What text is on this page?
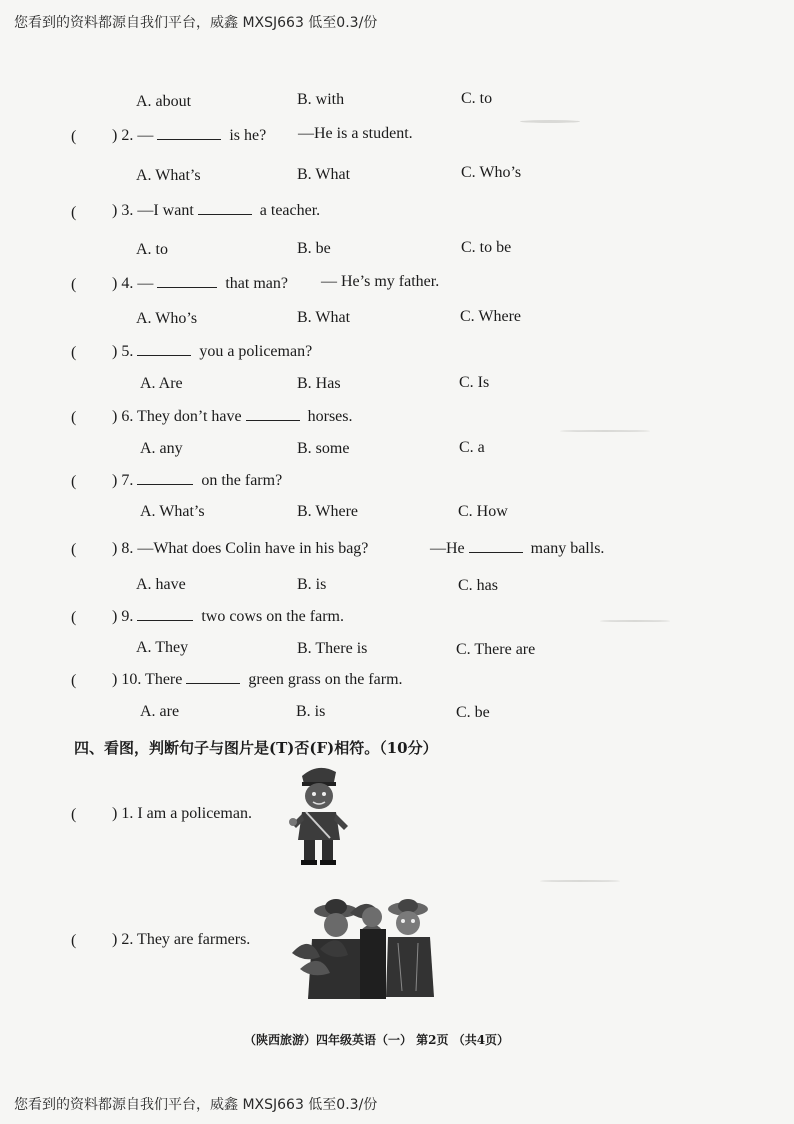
您看到的资料都源自我们平台，威鑫 MXSJ663 低至0.3/份
A. about	B. with	C. to
( ) 2. —	is he? —He is a student.
A. What’s	B. What	C. Who’s
( ) 3. —I want	a teacher.
A. to	B. be	C. to be
( ) 4. —	that man? — He’s my father.
A. Who’s	B. What	C. Where
( ) 5.	you a policeman?
A. Are	B. Has	C. Is
( ) 6. They don’t have	horses.
A. any	B. some	C. a
( ) 7.	on the farm?
A. What’s	B. Where	C. How
( ) 8. —What does Colin have in his bag?	—He	many balls.
A. have	B. is	C. has
( ) 9.	two cows on the farm.
A. They	B. There is	C. There are
( ) 10. There	green grass on the farm.
A. are	B. is	C. be
四、看图，判断句子与图片是(T)否(F)相符。（10分）
( ) 1. I am a policeman.
( ) 2. They are farmers.
（陕西旅游）四年级英语（一） 第2页 （共4页）
您看到的资料都源自我们平台，威鑫 MXSJ663 低至0.3/份
